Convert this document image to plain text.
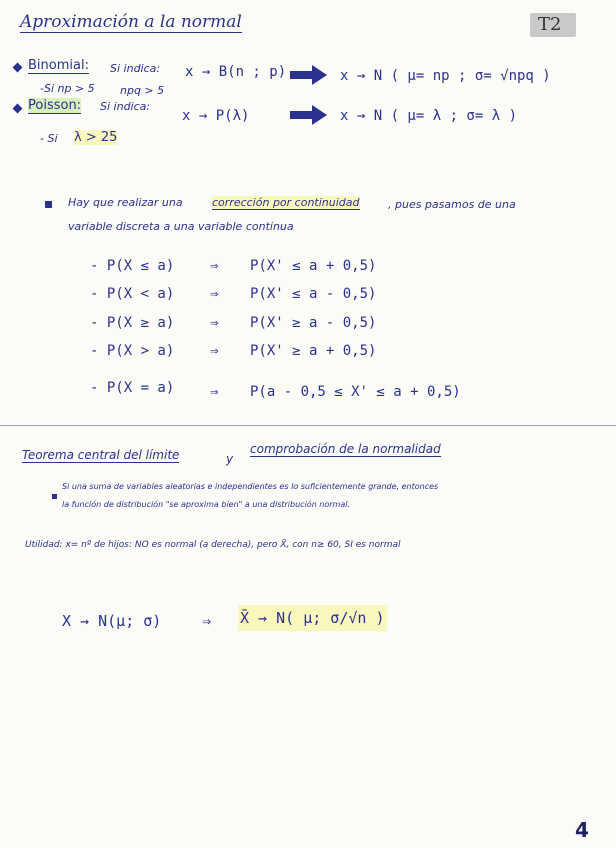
Aproximación a la normal	T2
Binomial: Si indica: x → B(n ; p)	x → N ( μ= np ; σ= √npq )
-Si np > 5 npq > 5
Poisson: Si indica:
x → P(λ)	x → N ( μ= λ ; σ= λ )
- Si λ > 25
Hay que realizar una	corrección por continuidad	, pues pasamos de una
variable discreta a una variable continua
- P(X ≤ a)	⇒ P(X' ≤ a + 0,5)
- P(X < a)	⇒ P(X' ≤ a - 0,5)
- P(X ≥ a)	⇒ P(X' ≥ a - 0,5)
- P(X > a)	⇒ P(X' ≥ a + 0,5)
- P(X = a)	⇒ P(a - 0,5 ≤ X' ≤ a + 0,5)
Teorema central del límite	y
comprobación de la normalidad
Si una suma de variables aleatorias e independientes es lo suficientemente grande, entonces
la función de distribución "se aproxima bien" a una distribución normal.
Utilidad: x= nº de hijos: NO es normal (a derecha), pero X̄, con n≥ 60, SI es normal
X → N(μ; σ)	⇒ X̄ → N( μ; σ/√n )
4
